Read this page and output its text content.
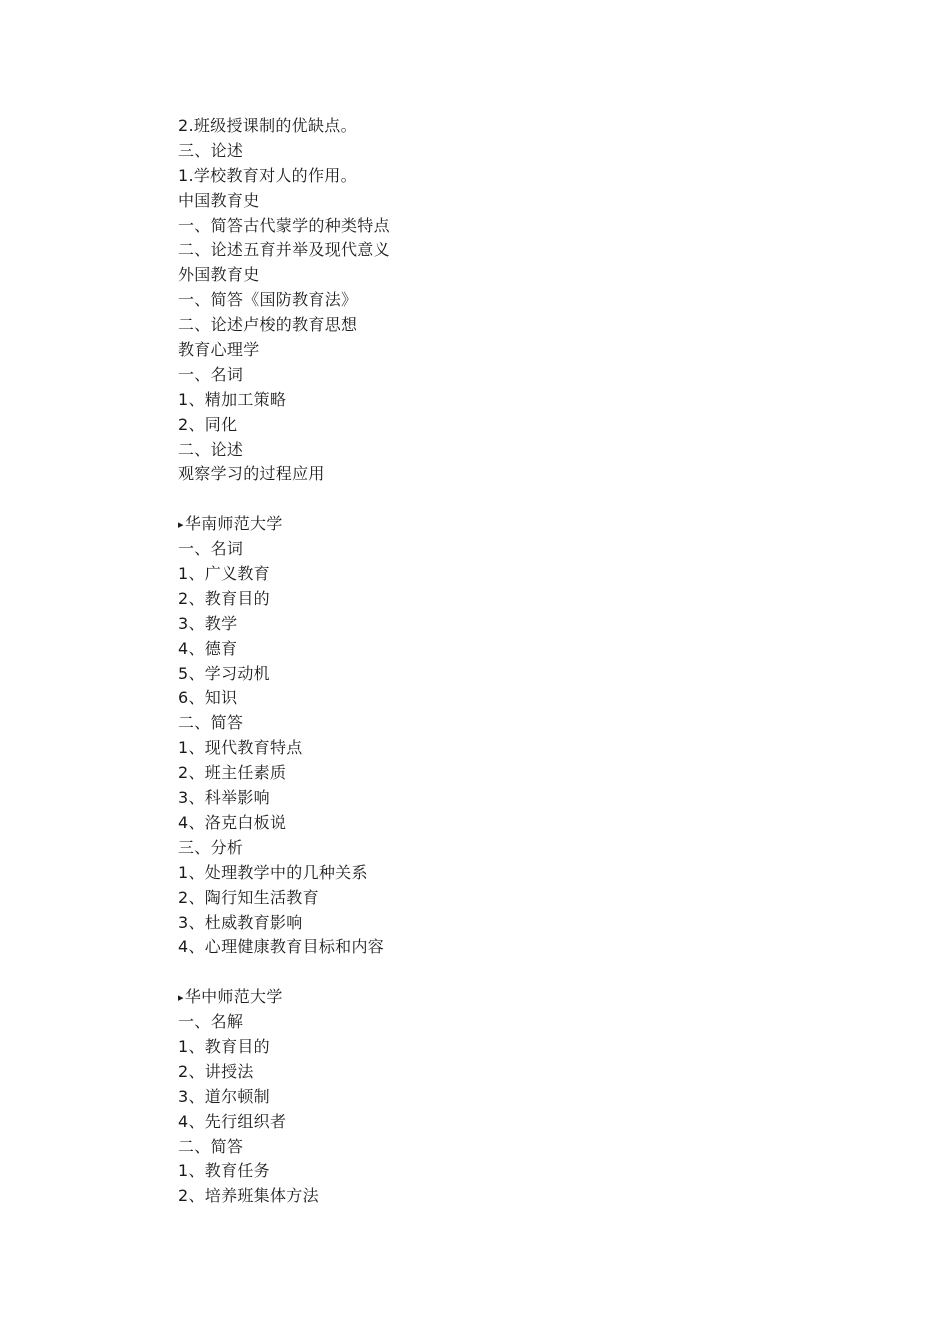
2.班级授课制的优缺点。
三、论述
1.学校教育对人的作用。
中国教育史
一、简答古代蒙学的种类特点
二、论述五育并举及现代意义
外国教育史
一、简答《国防教育法》
二、论述卢梭的教育思想
教育心理学
一、名词
1、精加工策略
2、同化
二、论述
观察学习的过程应用
▸华南师范大学
一、名词
1、广义教育
2、教育目的
3、教学
4、德育
5、学习动机
6、知识
二、简答
1、现代教育特点
2、班主任素质
3、科举影响
4、洛克白板说
三、分析
1、处理教学中的几种关系
2、陶行知生活教育
3、杜威教育影响
4、心理健康教育目标和内容
▸华中师范大学
一、名解
1、教育目的
2、讲授法
3、道尔顿制
4、先行组织者
二、简答
1、教育任务
2、培养班集体方法
